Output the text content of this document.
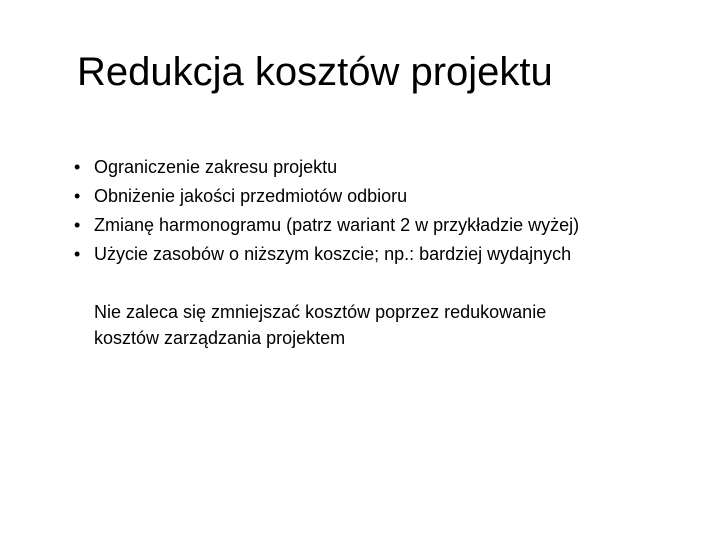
Redukcja kosztów projektu
• Ograniczenie zakresu projektu
• Obniżenie jakości przedmiotów odbioru
• Zmianę harmonogramu (patrz wariant 2 w przykładzie wyżej)
• Użycie zasobów o niższym koszcie; np.: bardziej wydajnych

Nie zaleca się zmniejszać kosztów poprzez redukowanie
kosztów zarządzania projektem
